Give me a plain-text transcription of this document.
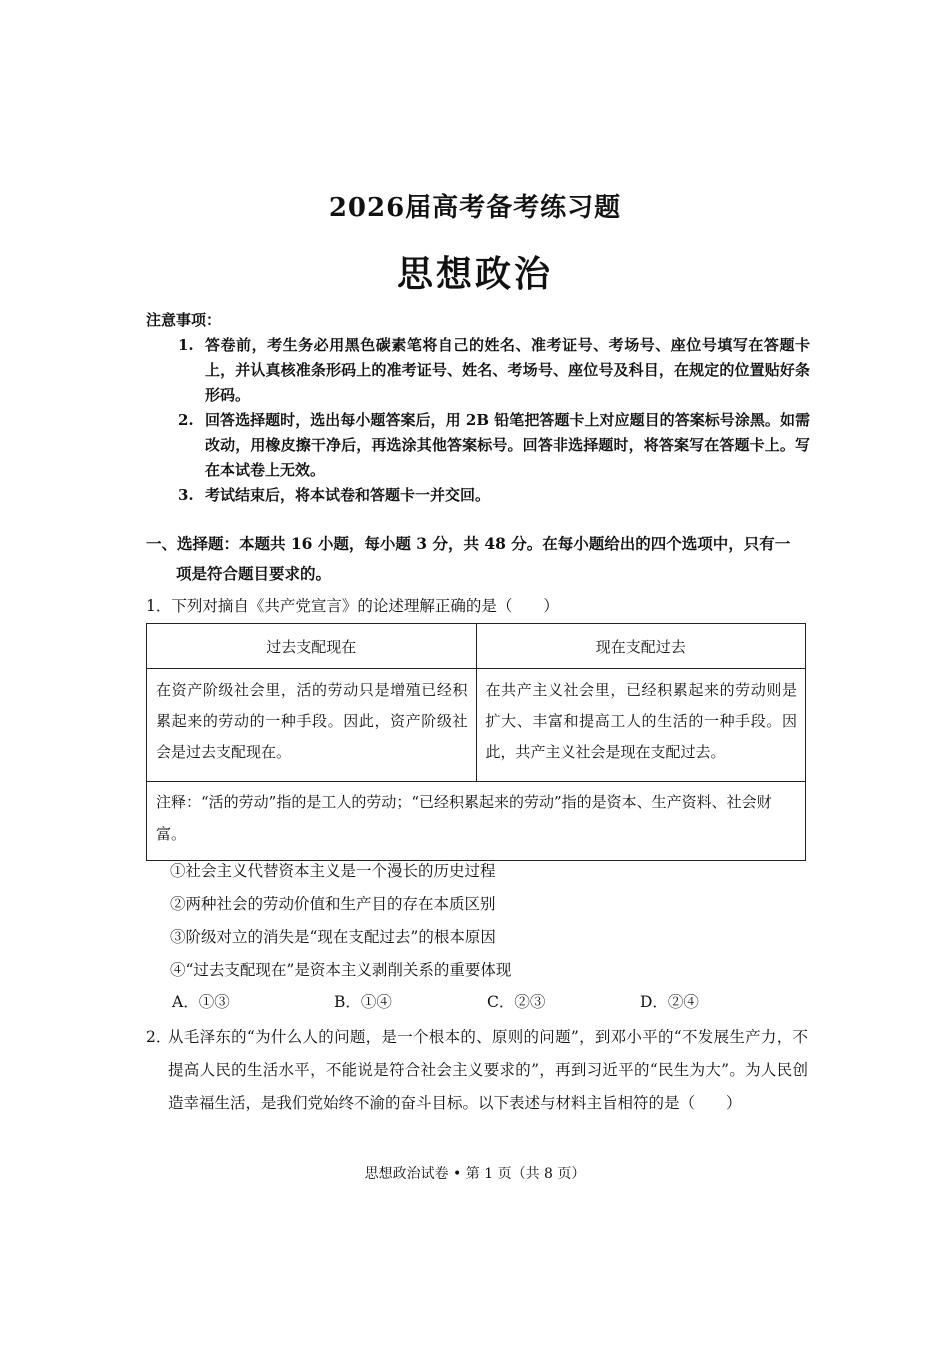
2026届高考备考练习题
思想政治
注意事项：
1. 答卷前，考生务必用黑色碳素笔将自己的姓名、准考证号、考场号、座位号填写在答题卡上，并认真核准条形码上的准考证号、姓名、考场号、座位号及科目，在规定的位置贴好条形码。
2. 回答选择题时，选出每小题答案后，用 2B 铅笔把答题卡上对应题目的答案标号涂黑。如需改动，用橡皮擦干净后，再选涂其他答案标号。回答非选择题时，将答案写在答题卡上。写在本试卷上无效。
3. 考试结束后，将本试卷和答题卡一并交回。
一、选择题：本题共 16 小题，每小题 3 分，共 48 分。在每小题给出的四个选项中，只有一
项是符合题目要求的。
1．下列对摘自《共产党宣言》的论述理解正确的是（　　）
过去支配现在	现在支配过去
在资产阶级社会里，活的劳动只是增殖已经积累起来的劳动的一种手段。因此，资产阶级社会是过去支配现在。	在共产主义社会里，已经积累起来的劳动则是扩大、丰富和提高工人的生活的一种手段。因此，共产主义社会是现在支配过去。
注释：“活的劳动”指的是工人的劳动；“已经积累起来的劳动”指的是资本、生产资料、社会财富。	
①社会主义代替资本主义是一个漫长的历史过程
②两种社会的劳动价值和生产目的存在本质区别
③阶级对立的消失是“现在支配过去”的根本原因
④“过去支配现在”是资本主义剥削关系的重要体现
A．①③	B．①④	C．②③	D．②④
2．
从毛泽东的“为什么人的问题，是一个根本的、原则的问题”，到邓小平的“不发展生产力，不提高人民的生活水平，不能说是符合社会主义要求的”，再到习近平的“民生为大”。为人民创造幸福生活，是我们党始终不渝的奋斗目标。以下表述与材料主旨相符的是（　　）
思想政治试卷 • 第 1 页（共 8 页）
